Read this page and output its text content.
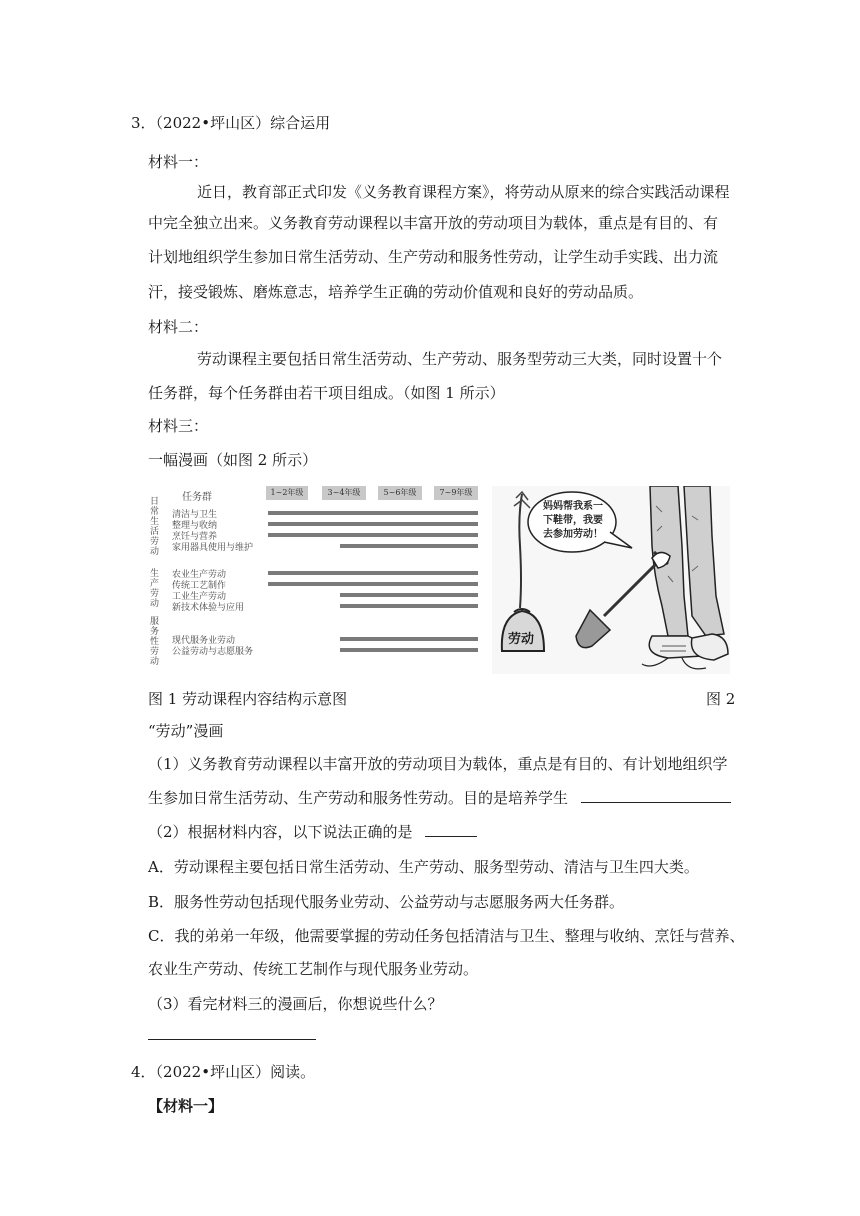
3．（2022•坪山区）综合运用
材料一：
近日，教育部正式印发《义务教育课程方案》，将劳动从原来的综合实践活动课程
中完全独立出来。义务教育劳动课程以丰富开放的劳动项目为载体，重点是有目的、有
计划地组织学生参加日常生活劳动、生产劳动和服务性劳动，让学生动手实践、出力流
汗，接受锻炼、磨炼意志，培养学生正确的劳动价值观和良好的劳动品质。
材料二：
劳动课程主要包括日常生活劳动、生产劳动、服务型劳动三大类，同时设置十个
任务群，每个任务群由若干项目组成。（如图 1 所示）
材料三：
一幅漫画（如图 2 所示）
任务群	1~2年级	3~4年级	5~6年级	7~9年级
日常生活劳动
生产劳动
服务性劳动
清洁与卫生
整理与收纳
烹饪与营养
家用器具使用与维护
农业生产劳动
传统工艺制作
工业生产劳动
新技术体验与应用
现代服务业劳动
公益劳动与志愿服务
妈妈帮我系一
下鞋带，我要
去参加劳动！
劳动
图 1 劳动课程内容结构示意图	图 2
“劳动”漫画
（1）义务教育劳动课程以丰富开放的劳动项目为载体，重点是有目的、有计划地组织学
生参加日常生活劳动、生产劳动和服务性劳动。目的是培养学生
（2）根据材料内容，以下说法正确的是
A．劳动课程主要包括日常生活劳动、生产劳动、服务型劳动、清洁与卫生四大类。
B．服务性劳动包括现代服务业劳动、公益劳动与志愿服务两大任务群。
C．我的弟弟一年级，他需要掌握的劳动任务包括清洁与卫生、整理与收纳、烹饪与营养、
农业生产劳动、传统工艺制作与现代服务业劳动。
（3）看完材料三的漫画后，你想说些什么？
4．（2022•坪山区）阅读。
【材料一】
